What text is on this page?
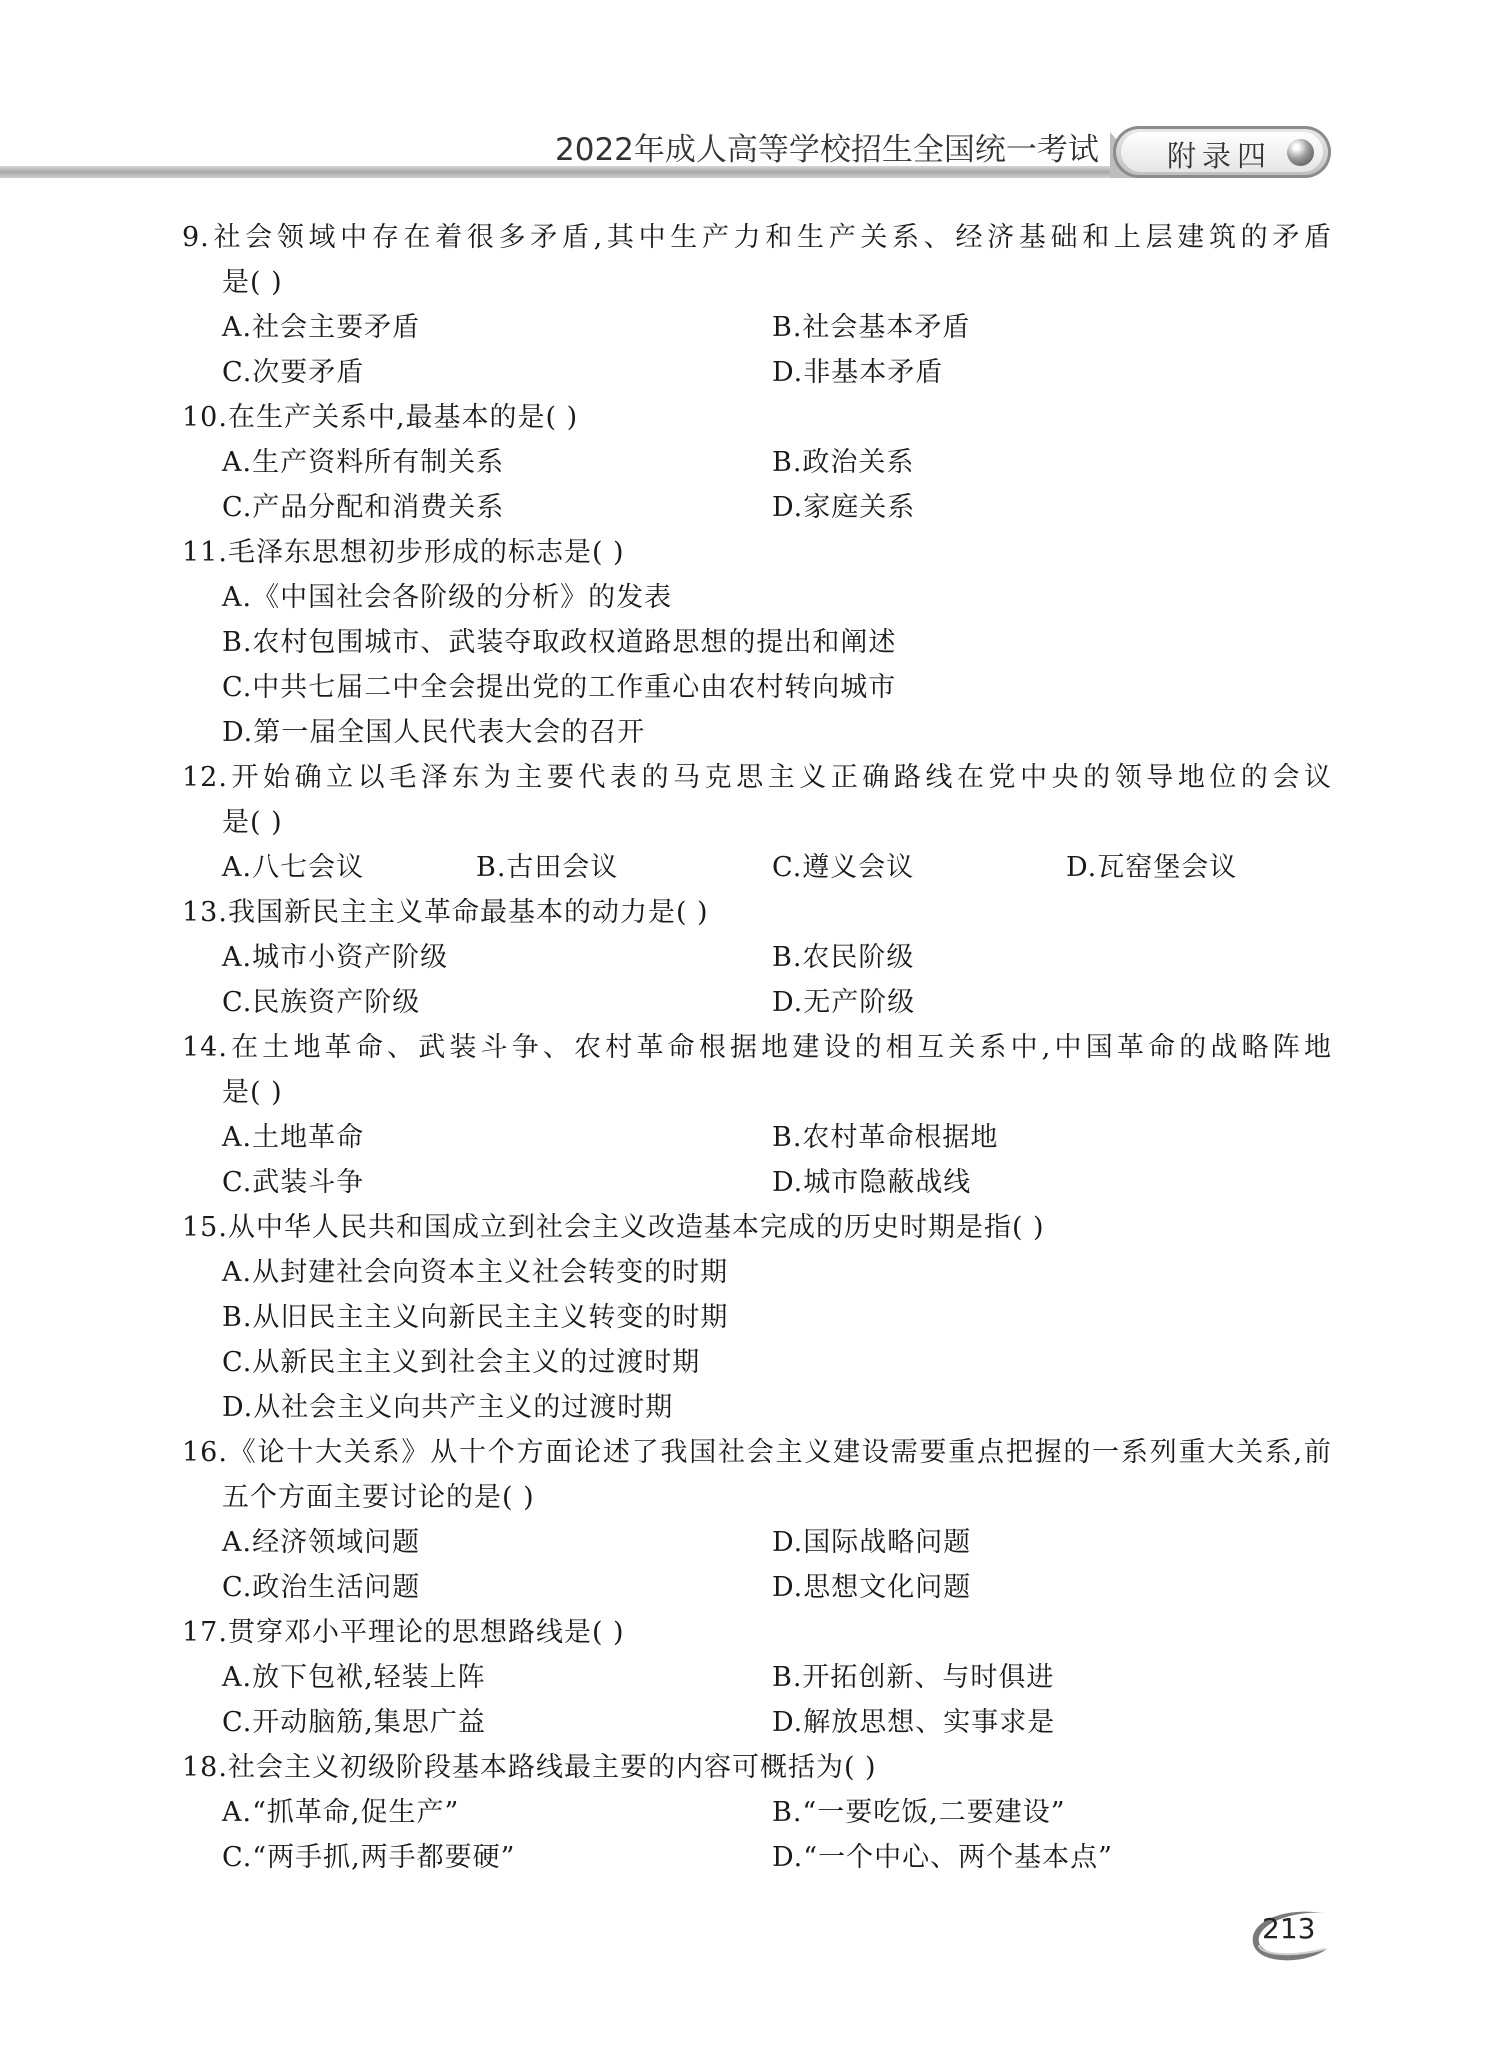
2022年成人高等学校招生全国统一考试 附录四
9.社会领域中存在着很多矛盾,其中生产力和生产关系、经济基础和上层建筑的矛盾
是( )
A.社会主要矛盾	B.社会基本矛盾
C.次要矛盾	D.非基本矛盾
10.在生产关系中,最基本的是( )
A.生产资料所有制关系	B.政治关系
C.产品分配和消费关系	D.家庭关系
11.毛泽东思想初步形成的标志是( )
A.《中国社会各阶级的分析》的发表
B.农村包围城市、武装夺取政权道路思想的提出和阐述
C.中共七届二中全会提出党的工作重心由农村转向城市
D.第一届全国人民代表大会的召开
12.开始确立以毛泽东为主要代表的马克思主义正确路线在党中央的领导地位的会议
是( )
A.八七会议	B.古田会议	C.遵义会议	D.瓦窑堡会议
13.我国新民主主义革命最基本的动力是( )
A.城市小资产阶级	B.农民阶级
C.民族资产阶级	D.无产阶级
14.在土地革命、武装斗争、农村革命根据地建设的相互关系中,中国革命的战略阵地
是( )
A.土地革命	B.农村革命根据地
C.武装斗争	D.城市隐蔽战线
15.从中华人民共和国成立到社会主义改造基本完成的历史时期是指( )
A.从封建社会向资本主义社会转变的时期
B.从旧民主主义向新民主主义转变的时期
C.从新民主主义到社会主义的过渡时期
D.从社会主义向共产主义的过渡时期
16.《论十大关系》从十个方面论述了我国社会主义建设需要重点把握的一系列重大关系,前
五个方面主要讨论的是( )
A.经济领域问题	D.国际战略问题
C.政治生活问题	D.思想文化问题
17.贯穿邓小平理论的思想路线是( )
A.放下包袱,轻装上阵	B.开拓创新、与时俱进
C.开动脑筋,集思广益	D.解放思想、实事求是
18.社会主义初级阶段基本路线最主要的内容可概括为( )
A.“抓革命,促生产”	B.“一要吃饭,二要建设”
C.“两手抓,两手都要硬”	D.“一个中心、两个基本点”
213
